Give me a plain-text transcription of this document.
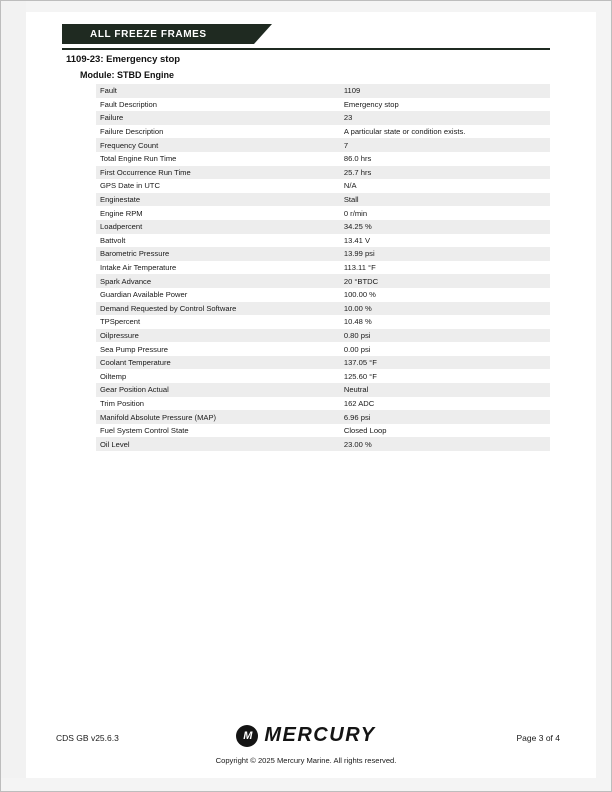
ALL FREEZE FRAMES
1109-23: Emergency stop
Module: STBD Engine
Fault	1109
Fault Description	Emergency stop
Failure	23
Failure Description	A particular state or condition exists.
Frequency Count	7
Total Engine Run Time	86.0 hrs
First Occurrence Run Time	25.7 hrs
GPS Date in UTC	N/A
Enginestate	Stall
Engine RPM	0 r/min
Loadpercent	34.25 %
Battvolt	13.41 V
Barometric Pressure	13.99 psi
Intake Air Temperature	113.11 °F
Spark Advance	20 °BTDC
Guardian Available Power	100.00 %
Demand Requested by Control Software	10.00 %
TPSpercent	10.48 %
Oilpressure	0.80 psi
Sea Pump Pressure	0.00 psi
Coolant Temperature	137.05 °F
Oiltemp	125.60 °F
Gear Position Actual	Neutral
Trim Position	162 ADC
Manifold Absolute Pressure (MAP)	6.96 psi
Fuel System Control State	Closed Loop
Oil Level	23.00 %
CDS GB v25.6.3	Page 3 of 4
M MERCURY
Copyright © 2025 Mercury Marine. All rights reserved.
